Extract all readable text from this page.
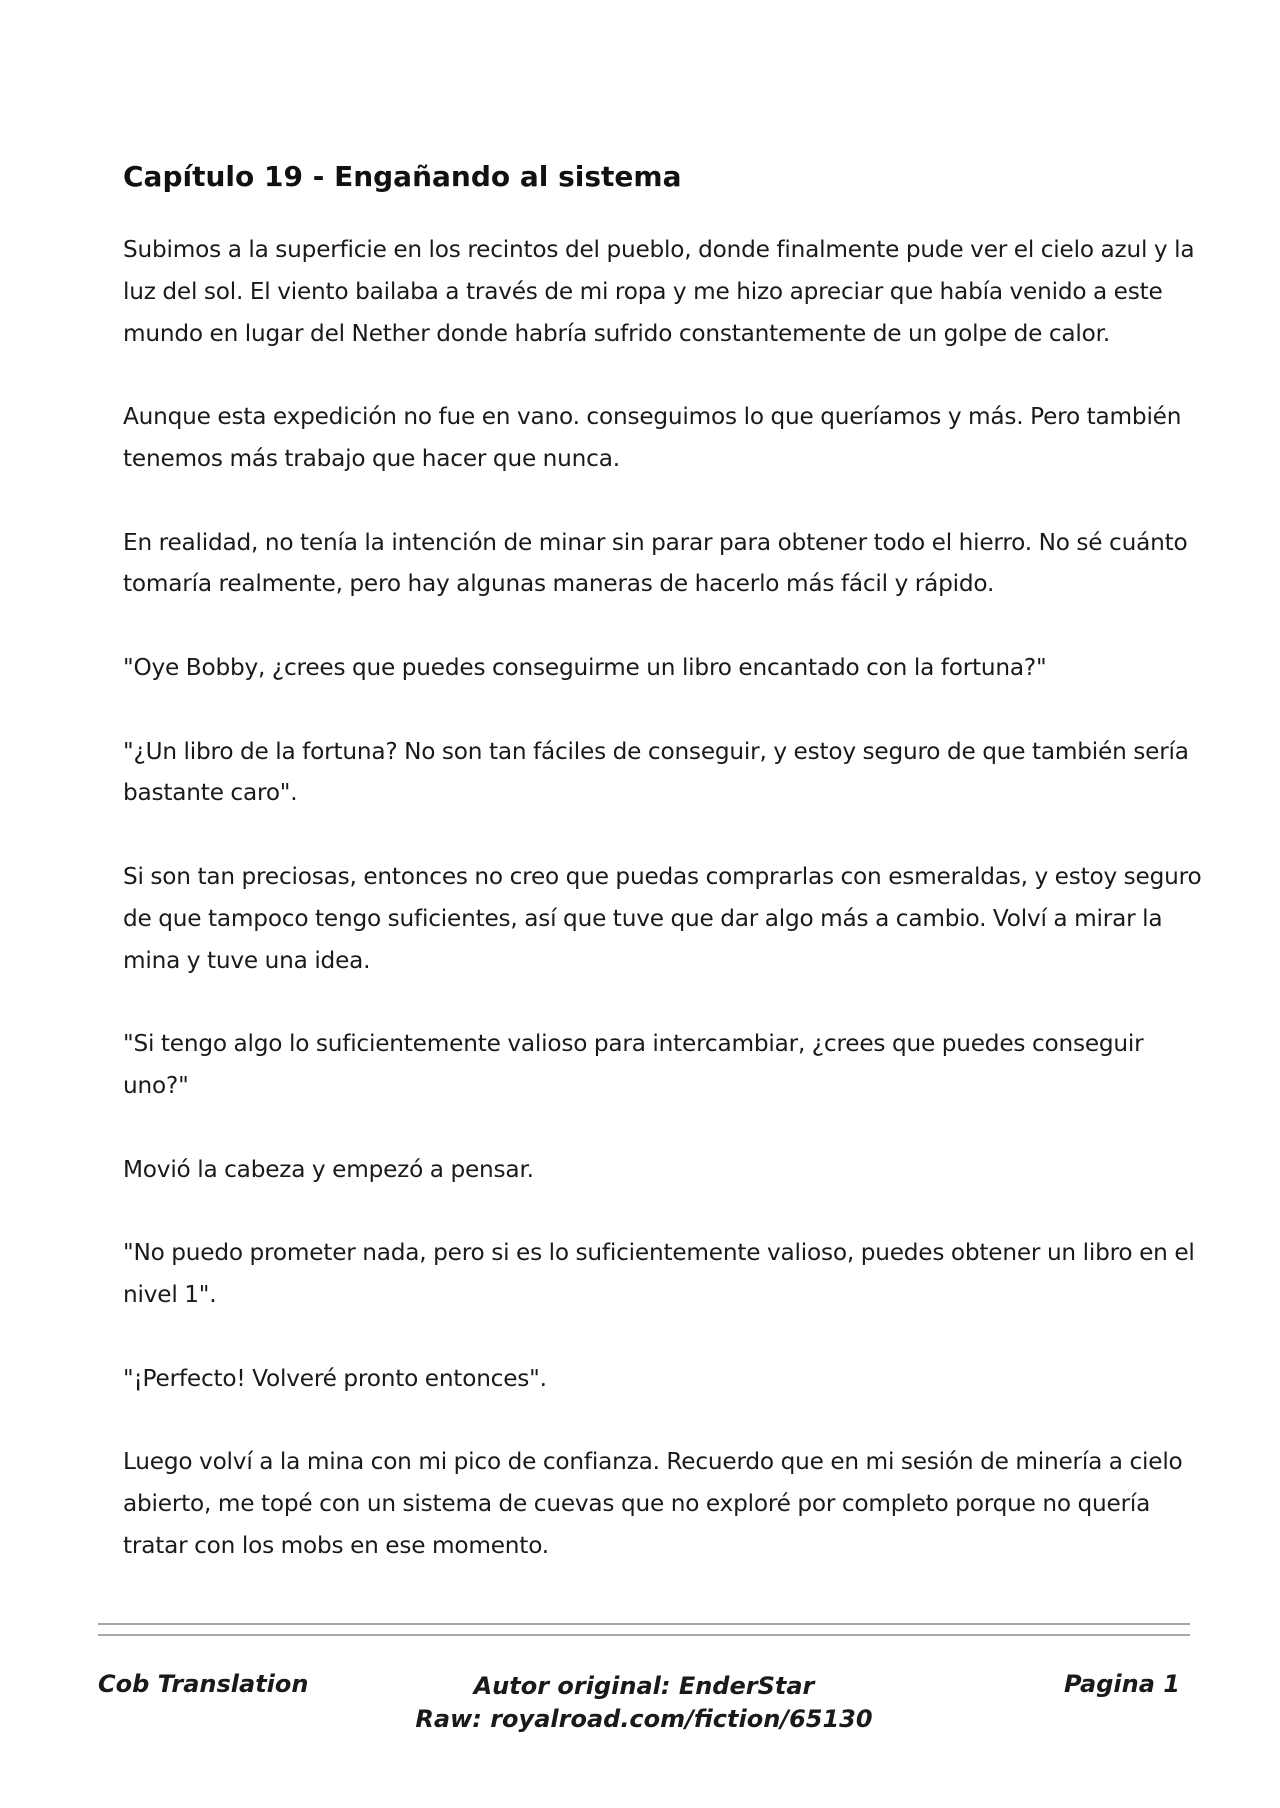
Capítulo 19 - Engañando al sistema

Subimos a la superficie en los recintos del pueblo, donde finalmente pude ver el cielo azul y la luz del sol. El viento bailaba a través de mi ropa y me hizo apreciar que había venido a este mundo en lugar del Nether donde habría sufrido constantemente de un golpe de calor.

Aunque esta expedición no fue en vano. conseguimos lo que queríamos y más. Pero también tenemos más trabajo que hacer que nunca.

En realidad, no tenía la intención de minar sin parar para obtener todo el hierro. No sé cuánto tomaría realmente, pero hay algunas maneras de hacerlo más fácil y rápido.

"Oye Bobby, ¿crees que puedes conseguirme un libro encantado con la fortuna?"

"¿Un libro de la fortuna? No son tan fáciles de conseguir, y estoy seguro de que también sería bastante caro".

Si son tan preciosas, entonces no creo que puedas comprarlas con esmeraldas, y estoy seguro de que tampoco tengo suficientes, así que tuve que dar algo más a cambio. Volví a mirar la mina y tuve una idea.

"Si tengo algo lo suficientemente valioso para intercambiar, ¿crees que puedes conseguir uno?"

Movió la cabeza y empezó a pensar.

"No puedo prometer nada, pero si es lo suficientemente valioso, puedes obtener un libro en el nivel 1".

"¡Perfecto! Volveré pronto entonces".

Luego volví a la mina con mi pico de confianza. Recuerdo que en mi sesión de minería a cielo abierto, me topé con un sistema de cuevas que no exploré por completo porque no quería tratar con los mobs en ese momento.

Cob Translation	Autor original: EnderStar
Raw: royalroad.com/fiction/65130
Pagina 1
